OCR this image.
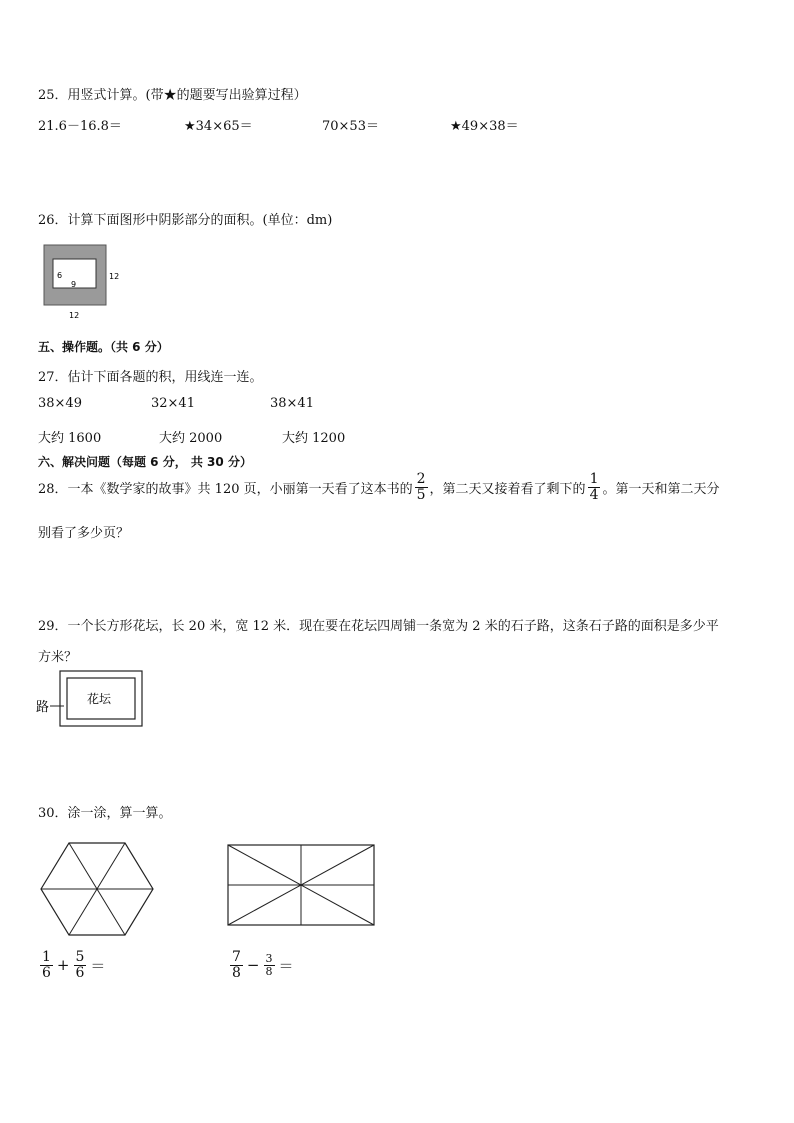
25．用竖式计算。(带★的题要写出验算过程）
21.6－16.8＝	★34×65＝	70×53＝	★49×38＝
26．计算下面图形中阴影部分的面积。(单位：dm)
6
9
12
12
五、操作题。（共 6 分）
27．估计下面各题的积，用线连一连。
38×49	32×41	38×41
大约 1600	大约 2000	大约 1200
六、解决问题（每题 6 分， 共 30 分）
28．一本《数学家的故事》共 120 页，小丽第一天看了这本书的 $\frac{2}{5}$ ，第二天又接着看了剩下的 $\frac{1}{4}$ 。第一天和第二天分
别看了多少页？
29．一个长方形花坛，长 20 米，宽 12 米．现在要在花坛四周铺一条宽为 2 米的石子路，这条石子路的面积是多少平
方米？
花坛
路
30．涂一涂，算一算。
$\frac{1}{6} + \frac{5}{6}$ ＝	$\frac{7}{8} - \frac{3}{8}$ ＝
